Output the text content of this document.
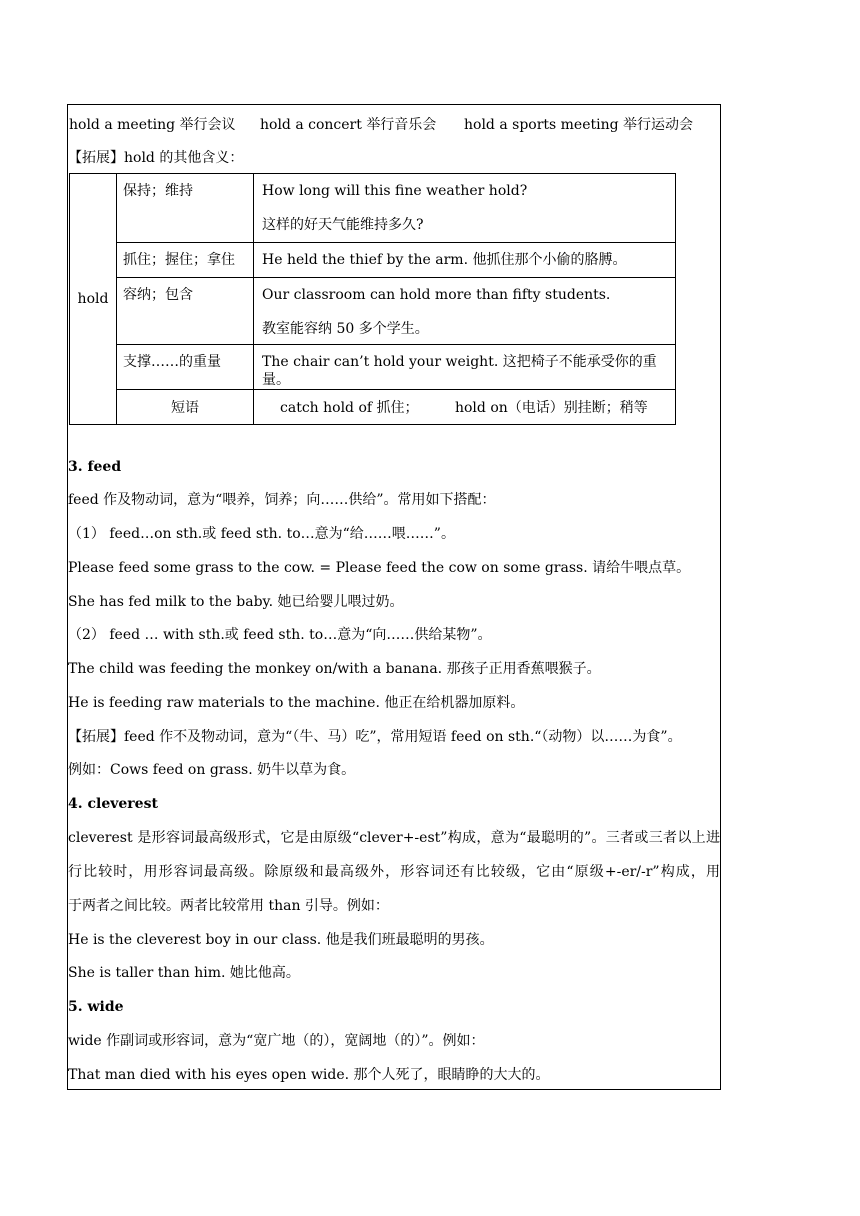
hold a meeting 举行会议 hold a concert 举行音乐会 hold a sports meeting 举行运动会
【拓展】hold 的其他含义：
hold	保持；维持	How long will this fine weather hold?
这样的好天气能维持多久?

	抓住；握住；拿住	He held the thief by the arm. 他抓住那个小偷的胳膊。

	容纳；包含	Our classroom can hold more than fifty students.
教室能容纳 50 多个学生。

	支撑……的重量	The chair can’t hold your weight. 这把椅子不能承受你的重量。

	短语	catch hold of 抓住； hold on（电话）别挂断；稍等
3. feed
feed 作及物动词，意为“喂养，饲养；向……供给”。常用如下搭配：
（1） feed…on sth.或 feed sth. to…意为“给……喂……”。
Please feed some grass to the cow. = Please feed the cow on some grass. 请给牛喂点草。
She has fed milk to the baby. 她已给婴儿喂过奶。
（2） feed … with sth.或 feed sth. to…意为“向……供给某物”。
The child was feeding the monkey on/with a banana. 那孩子正用香蕉喂猴子。
He is feeding raw materials to the machine. 他正在给机器加原料。
【拓展】feed 作不及物动词，意为“（牛、马）吃”，常用短语 feed on sth.“（动物）以……为食”。
例如：Cows feed on grass. 奶牛以草为食。
4. cleverest
cleverest 是形容词最高级形式，它是由原级“clever+-est”构成，意为“最聪明的”。三者或三者以上进
行比较时，用形容词最高级。除原级和最高级外，形容词还有比较级，它由“原级+-er/-r”构成，用
于两者之间比较。两者比较常用 than 引导。例如：
He is the cleverest boy in our class. 他是我们班最聪明的男孩。
She is taller than him. 她比他高。
5. wide
wide 作副词或形容词，意为“宽广地（的），宽阔地（的）”。例如：
That man died with his eyes open wide. 那个人死了，眼睛睁的大大的。
